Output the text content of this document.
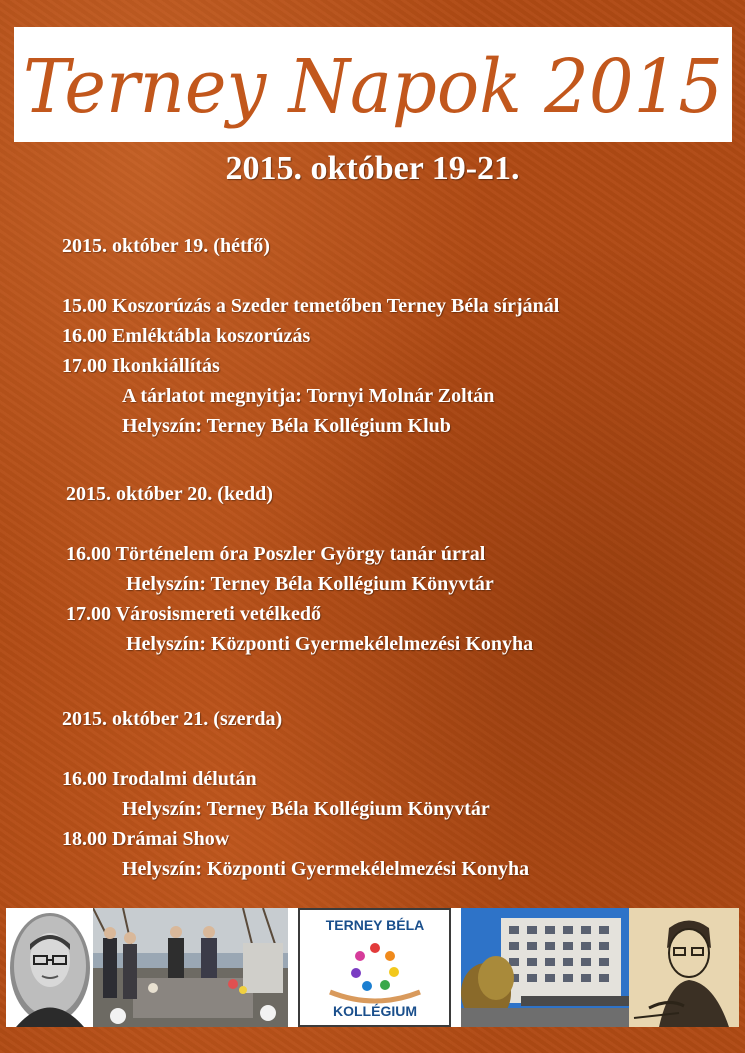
Terney Napok 2015
2015. október 19-21.
2015. október 19. (hétfő)
15.00 Koszorúzás a Szeder temetőben Terney Béla sírjánál
16.00 Emléktábla koszorúzás
17.00 Ikonkiállítás
A tárlatot megnyitja: Tornyi Molnár Zoltán
Helyszín: Terney Béla Kollégium Klub
2015. október 20. (kedd)
16.00 Történelem óra Poszler György tanár úrral
Helyszín: Terney Béla Kollégium Könyvtár
17.00 Városismereti vetélkedő
Helyszín: Központi Gyermekélelmezési Konyha
2015. október 21. (szerda)
16.00 Irodalmi délután
Helyszín: Terney Béla Kollégium Könyvtár
18.00 Drámai Show
Helyszín: Központi Gyermekélelmezési Konyha
TERNEY BÉLA
KOLLÉGIUM
